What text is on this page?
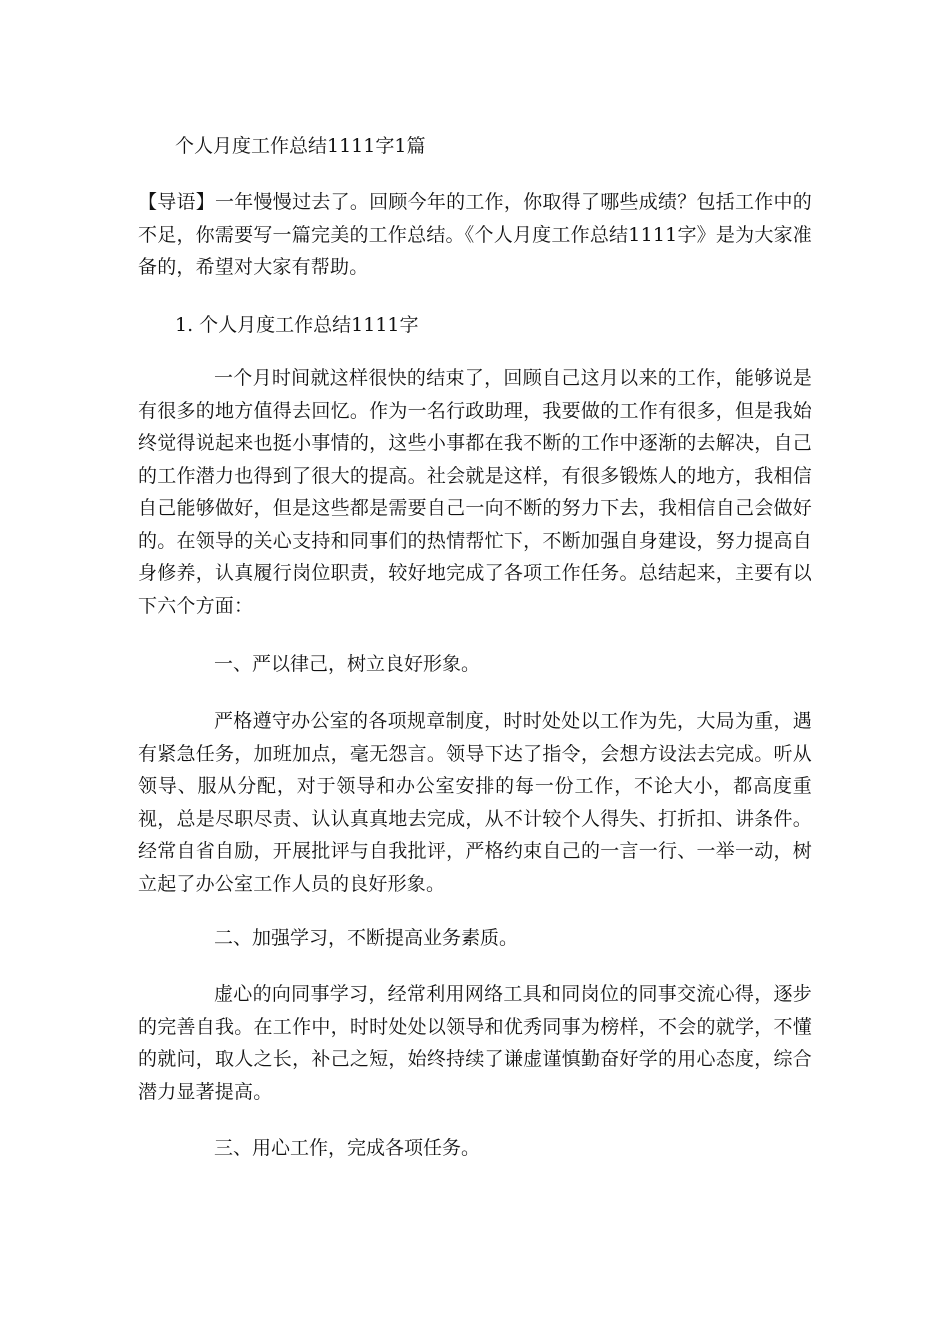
个人月度工作总结1111字1篇

【导语】一年慢慢过去了。回顾今年的工作，你取得了哪些成绩？包括工作中的不足，你需要写一篇完美的工作总结。《个人月度工作总结1111字》是为大家准备的，希望对大家有帮助。

1. 个人月度工作总结1111字

一个月时间就这样很快的结束了，回顾自己这月以来的工作，能够说是有很多的地方值得去回忆。作为一名行政助理，我要做的工作有很多，但是我始终觉得说起来也挺小事情的，这些小事都在我不断的工作中逐渐的去解决，自己的工作潜力也得到了很大的提高。社会就是这样，有很多锻炼人的地方，我相信自己能够做好，但是这些都是需要自己一向不断的努力下去，我相信自己会做好的。在领导的关心支持和同事们的热情帮忙下，不断加强自身建设，努力提高自身修养，认真履行岗位职责，较好地完成了各项工作任务。总结起来，主要有以下六个方面：

一、严以律己，树立良好形象。

严格遵守办公室的各项规章制度，时时处处以工作为先，大局为重，遇有紧急任务，加班加点，毫无怨言。领导下达了指令，会想方设法去完成。听从领导、服从分配，对于领导和办公室安排的每一份工作，不论大小，都高度重视，总是尽职尽责、认认真真地去完成，从不计较个人得失、打折扣、讲条件。经常自省自励，开展批评与自我批评，严格约束自己的一言一行、一举一动，树立起了办公室工作人员的良好形象。

二、加强学习，不断提高业务素质。

虚心的向同事学习，经常利用网络工具和同岗位的同事交流心得，逐步的完善自我。在工作中，时时处处以领导和优秀同事为榜样，不会的就学，不懂的就问，取人之长，补己之短，始终持续了谦虚谨慎勤奋好学的用心态度，综合潜力显著提高。

三、用心工作，完成各项任务。
